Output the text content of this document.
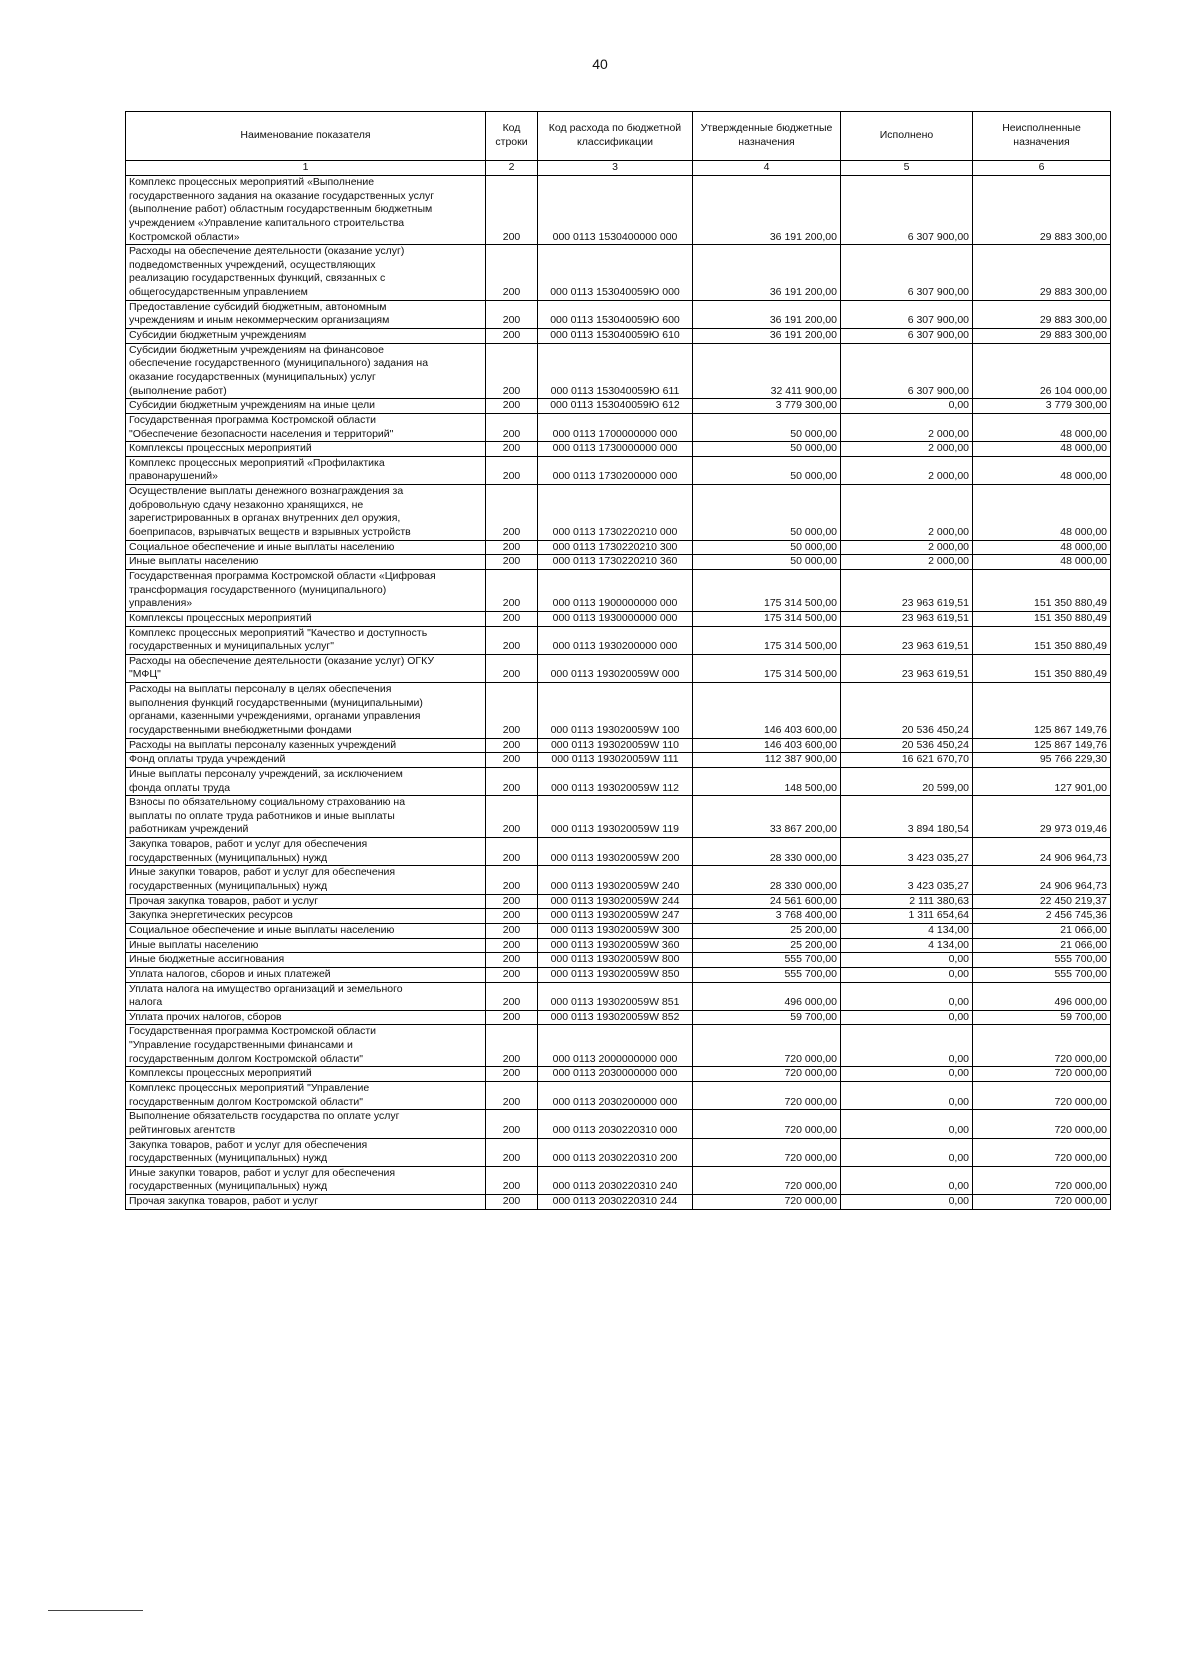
40
Наименование показателя	Код строки	Код расхода по бюджетной классификации	Утвержденные бюджетные назначения	Исполнено	Неисполненные назначения
1	2	3	4	5	6
Комплекс процессных мероприятий «Выполнение
государственного задания на оказание государственных услуг
(выполнение работ) областным государственным бюджетным
учреждением «Управление капитального строительства
Костромской области»	200	000 0113 1530400000 000	36 191 200,00	6 307 900,00	29 883 300,00
Расходы на обеспечение деятельности (оказание услуг)
подведомственных учреждений, осуществляющих
реализацию государственных функций, связанных с
общегосударственным управлением	200	000 0113 153040059Ю 000	36 191 200,00	6 307 900,00	29 883 300,00
Предоставление субсидий бюджетным, автономным
учреждениям и иным некоммерческим организациям	200	000 0113 153040059Ю 600	36 191 200,00	6 307 900,00	29 883 300,00
Субсидии бюджетным учреждениям	200	000 0113 153040059Ю 610	36 191 200,00	6 307 900,00	29 883 300,00
Субсидии бюджетным учреждениям на финансовое
обеспечение государственного (муниципального) задания на
оказание государственных (муниципальных) услуг
(выполнение работ)	200	000 0113 153040059Ю 611	32 411 900,00	6 307 900,00	26 104 000,00
Субсидии бюджетным учреждениям на иные цели	200	000 0113 153040059Ю 612	3 779 300,00	0,00	3 779 300,00
Государственная программа Костромской области
"Обеспечение безопасности населения и территорий"	200	000 0113 1700000000 000	50 000,00	2 000,00	48 000,00
Комплексы процессных мероприятий	200	000 0113 1730000000 000	50 000,00	2 000,00	48 000,00
Комплекс процессных мероприятий «Профилактика
правонарушений»	200	000 0113 1730200000 000	50 000,00	2 000,00	48 000,00
Осуществление выплаты денежного вознаграждения за
добровольную сдачу незаконно хранящихся, не
зарегистрированных в органах внутренних дел оружия,
боеприпасов, взрывчатых веществ и взрывных устройств	200	000 0113 1730220210 000	50 000,00	2 000,00	48 000,00
Социальное обеспечение и иные выплаты населению	200	000 0113 1730220210 300	50 000,00	2 000,00	48 000,00
Иные выплаты населению	200	000 0113 1730220210 360	50 000,00	2 000,00	48 000,00
Государственная программа Костромской области «Цифровая
трансформация государственного (муниципального)
управления»	200	000 0113 1900000000 000	175 314 500,00	23 963 619,51	151 350 880,49
Комплексы процессных мероприятий	200	000 0113 1930000000 000	175 314 500,00	23 963 619,51	151 350 880,49
Комплекс процессных мероприятий "Качество и доступность
государственных и муниципальных услуг"	200	000 0113 1930200000 000	175 314 500,00	23 963 619,51	151 350 880,49
Расходы на обеспечение деятельности (оказание услуг) ОГКУ
"МФЦ"	200	000 0113 193020059W 000	175 314 500,00	23 963 619,51	151 350 880,49
Расходы на выплаты персоналу в целях обеспечения
выполнения функций государственными (муниципальными)
органами, казенными учреждениями, органами управления
государственными внебюджетными фондами	200	000 0113 193020059W 100	146 403 600,00	20 536 450,24	125 867 149,76
Расходы на выплаты персоналу казенных учреждений	200	000 0113 193020059W 110	146 403 600,00	20 536 450,24	125 867 149,76
Фонд оплаты труда учреждений	200	000 0113 193020059W 111	112 387 900,00	16 621 670,70	95 766 229,30
Иные выплаты персоналу учреждений, за исключением
фонда оплаты труда	200	000 0113 193020059W 112	148 500,00	20 599,00	127 901,00
Взносы по обязательному социальному страхованию на
выплаты по оплате труда работников и иные выплаты
работникам учреждений	200	000 0113 193020059W 119	33 867 200,00	3 894 180,54	29 973 019,46
Закупка товаров, работ и услуг для обеспечения
государственных (муниципальных) нужд	200	000 0113 193020059W 200	28 330 000,00	3 423 035,27	24 906 964,73
Иные закупки товаров, работ и услуг для обеспечения
государственных (муниципальных) нужд	200	000 0113 193020059W 240	28 330 000,00	3 423 035,27	24 906 964,73
Прочая закупка товаров, работ и услуг	200	000 0113 193020059W 244	24 561 600,00	2 111 380,63	22 450 219,37
Закупка энергетических ресурсов	200	000 0113 193020059W 247	3 768 400,00	1 311 654,64	2 456 745,36
Социальное обеспечение и иные выплаты населению	200	000 0113 193020059W 300	25 200,00	4 134,00	21 066,00
Иные выплаты населению	200	000 0113 193020059W 360	25 200,00	4 134,00	21 066,00
Иные бюджетные ассигнования	200	000 0113 193020059W 800	555 700,00	0,00	555 700,00
Уплата налогов, сборов и иных платежей	200	000 0113 193020059W 850	555 700,00	0,00	555 700,00
Уплата налога на имущество организаций и земельного
налога	200	000 0113 193020059W 851	496 000,00	0,00	496 000,00
Уплата прочих налогов, сборов	200	000 0113 193020059W 852	59 700,00	0,00	59 700,00
Государственная программа Костромской области
"Управление государственными финансами и
государственным долгом Костромской области"	200	000 0113 2000000000 000	720 000,00	0,00	720 000,00
Комплексы процессных мероприятий	200	000 0113 2030000000 000	720 000,00	0,00	720 000,00
Комплекс процессных мероприятий "Управление
государственным долгом Костромской области"	200	000 0113 2030200000 000	720 000,00	0,00	720 000,00
Выполнение обязательств государства по оплате услуг
рейтинговых агентств	200	000 0113 2030220310 000	720 000,00	0,00	720 000,00
Закупка товаров, работ и услуг для обеспечения
государственных (муниципальных) нужд	200	000 0113 2030220310 200	720 000,00	0,00	720 000,00
Иные закупки товаров, работ и услуг для обеспечения
государственных (муниципальных) нужд	200	000 0113 2030220310 240	720 000,00	0,00	720 000,00
Прочая закупка товаров, работ и услуг	200	000 0113 2030220310 244	720 000,00	0,00	720 000,00
